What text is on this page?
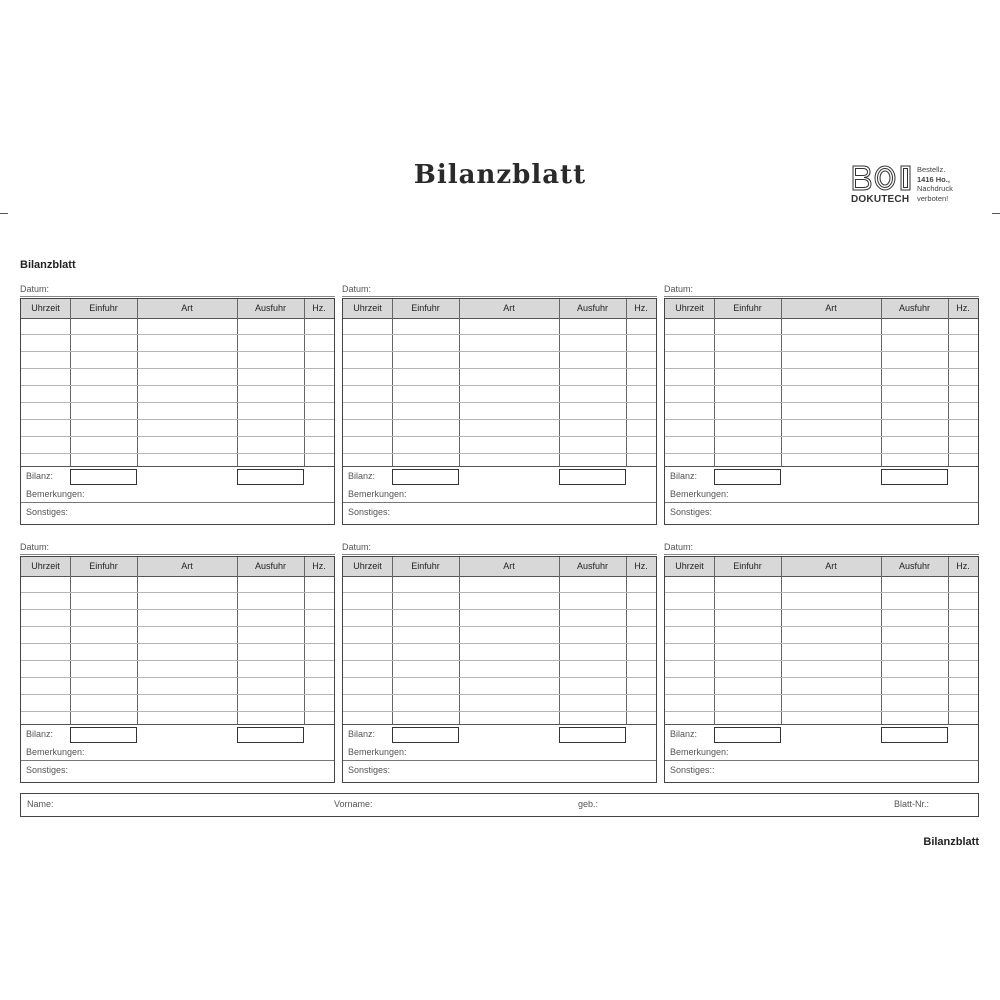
Bilanzblatt
DOKUTECH
Bestellz.
1416 Ho.,
Nachdruck
verboten!
Bilanzblatt
Datum:
Uhrzeit	Einfuhr	Art	Ausfuhr	Hz.
Bilanz:
Bemerkungen:
Sonstiges:
Datum:
Uhrzeit	Einfuhr	Art	Ausfuhr	Hz.
Bilanz:
Bemerkungen:
Sonstiges:
Datum:
Uhrzeit	Einfuhr	Art	Ausfuhr	Hz.
Bilanz:
Bemerkungen:
Sonstiges:
Datum:
Uhrzeit	Einfuhr	Art	Ausfuhr	Hz.
Bilanz:
Bemerkungen:
Sonstiges:
Datum:
Uhrzeit	Einfuhr	Art	Ausfuhr	Hz.
Bilanz:
Bemerkungen:
Sonstiges:
Datum:
Uhrzeit	Einfuhr	Art	Ausfuhr	Hz.
Bilanz:
Bemerkungen:
Sonstiges::
Name:	Vorname:	geb.:	Blatt-Nr.:
Bilanzblatt
